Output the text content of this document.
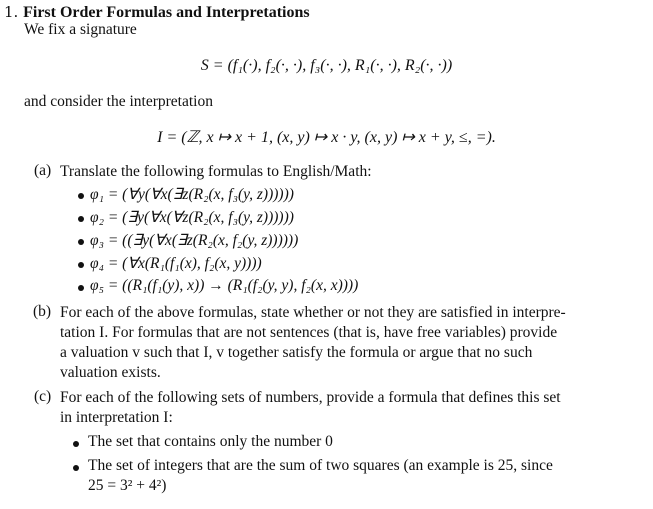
1. First Order Formulas and Interpretations
We fix a signature
S = (f₁(·), f₂(·, ·), f₃(·, ·), R₁(·, ·), R₂(·, ·))
and consider the interpretation
I = (ℤ, x ↦ x + 1, (x, y) ↦ x · y, (x, y) ↦ x + y, ≤, =).
(a) Translate the following formulas to English/Math:
φ₁ = (∀y(∀x(∃z(R₂(x, f₃(y, z))))))
φ₂ = (∃y(∀x(∀z(R₂(x, f₃(y, z))))))
φ₃ = ((∃y(∀x(∃z(R₂(x, f₂(y, z))))))
φ₄ = (∀x(R₁(f₁(x), f₂(x, y))))
φ₅ = ((R₁(f₁(y), x)) → (R₁(f₂(y, y), f₂(x, x))))
(b) For each of the above formulas, state whether or not they are satisfied in interpre-
tation I. For formulas that are not sentences (that is, have free variables) provide
a valuation v such that I, v together satisfy the formula or argue that no such
valuation exists.
(c) For each of the following sets of numbers, provide a formula that defines this set
in interpretation I:
The set that contains only the number 0
The set of integers that are the sum of two squares (an example is 25, since
25 = 3² + 4²)
